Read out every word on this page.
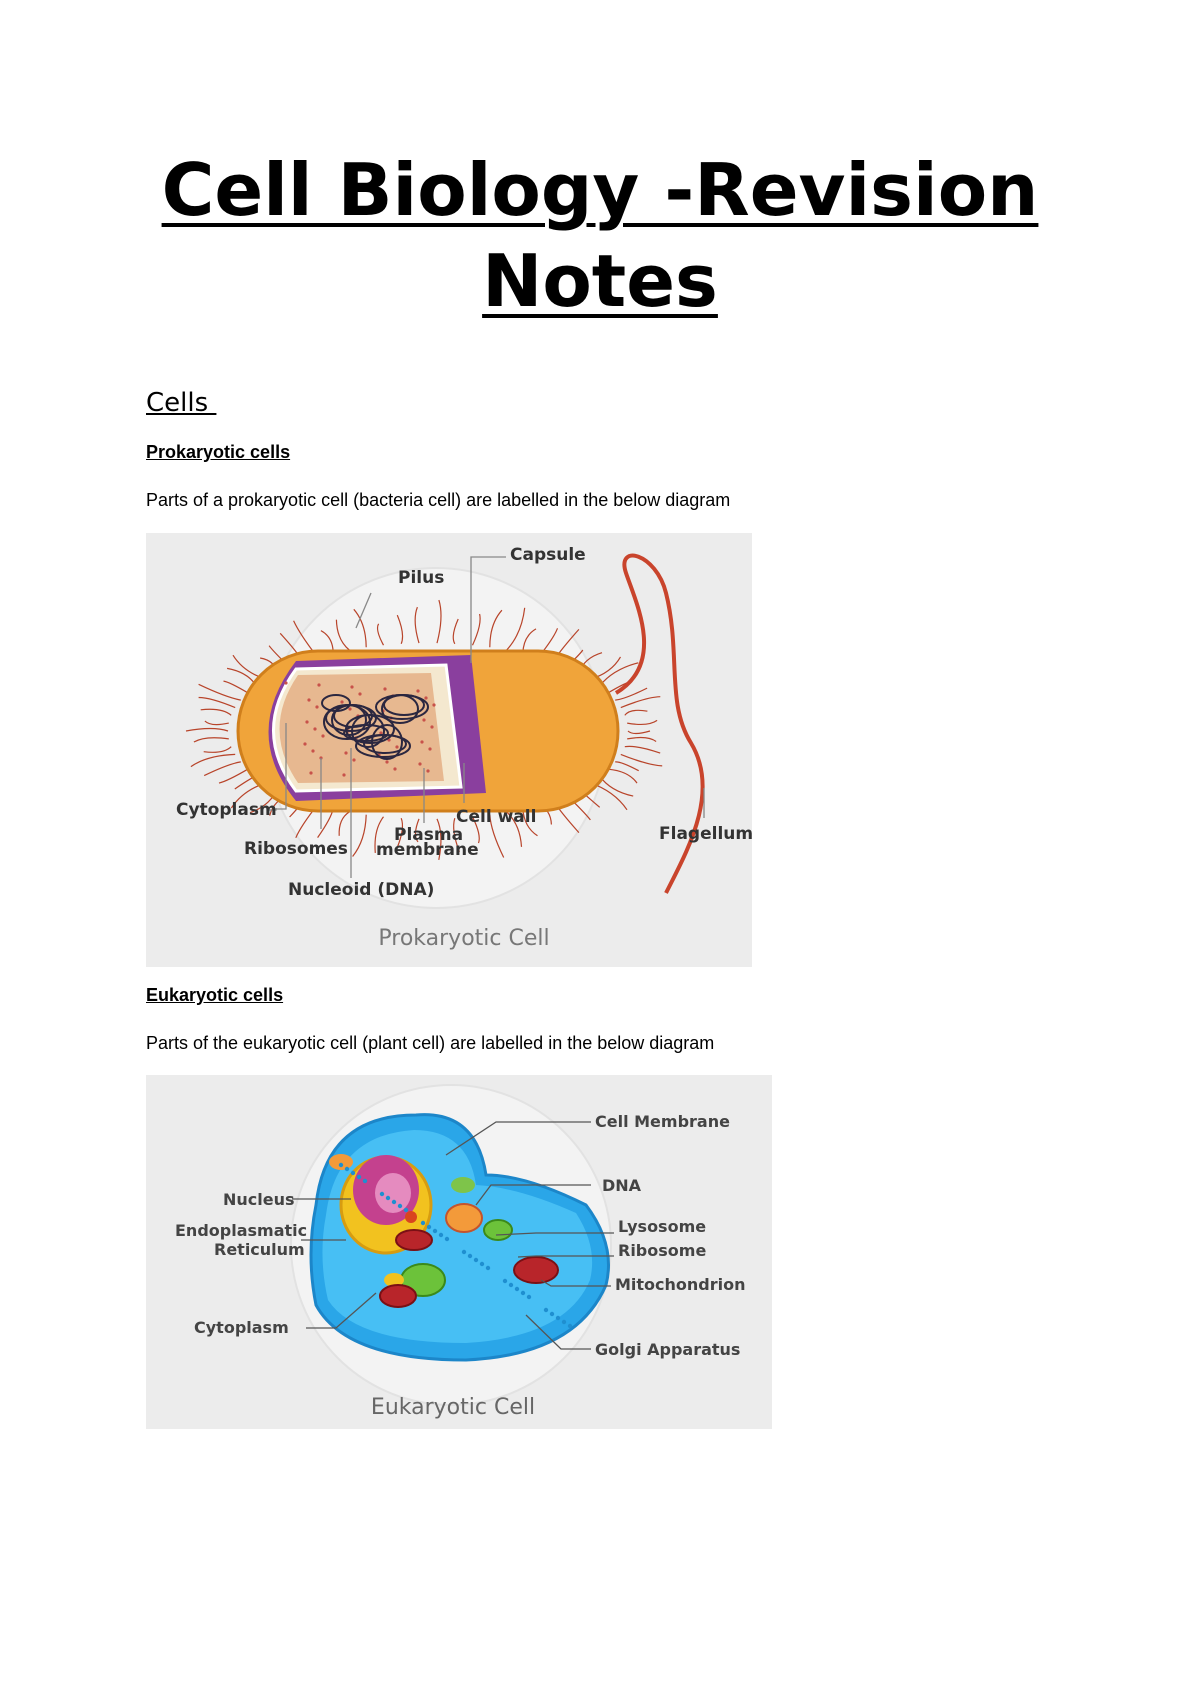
Cell Biology -Revision Notes
Cells
Prokaryotic cells
Parts of a prokaryotic cell (bacteria cell) are labelled in the below diagram
Capsule
Pilus
Cytoplasm
Ribosomes
Nucleoid (DNA)
Plasma
membrane
Cell wall
Flagellum
Prokaryotic Cell
Eukaryotic cells
Parts of the eukaryotic cell (plant cell) are labelled in the below diagram
Cell Membrane
DNA
Nucleus
Endoplasmatic
Reticulum
Lysosome
Ribosome
Mitochondrion
Cytoplasm
Golgi Apparatus
Eukaryotic Cell
